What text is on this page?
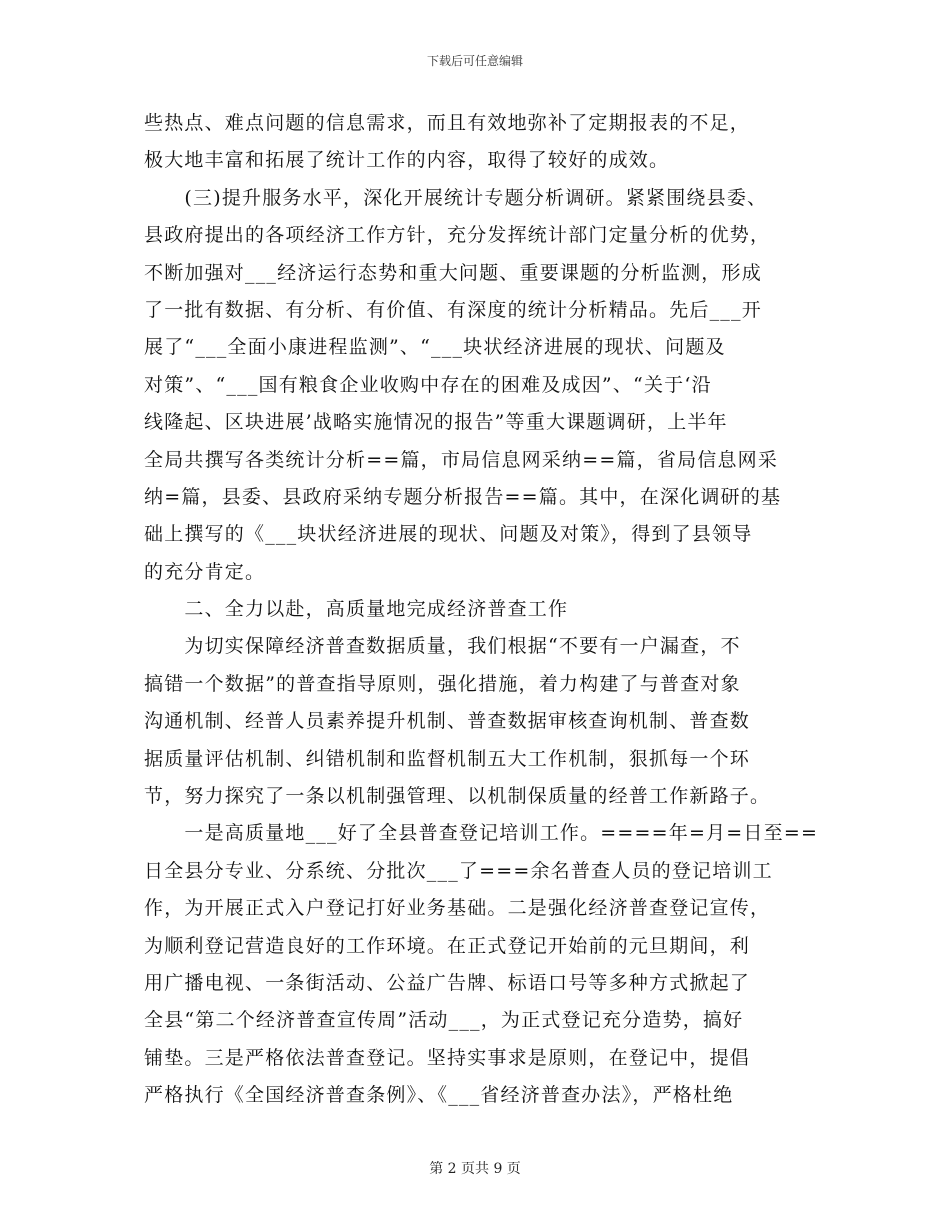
下载后可任意编辑
些热点、难点问题的信息需求，而且有效地弥补了定期报表的不足，
极大地丰富和拓展了统计工作的内容，取得了较好的成效。
　　(三)提升服务水平，深化开展统计专题分析调研。紧紧围绕县委、
县政府提出的各项经济工作方针，充分发挥统计部门定量分析的优势，
不断加强对___经济运行态势和重大问题、重要课题的分析监测，形成
了一批有数据、有分析、有价值、有深度的统计分析精品。先后___开
展了“___全面小康进程监测”、“___块状经济进展的现状、问题及
对策”、“___国有粮食企业收购中存在的困难及成因”、“关于‘沿
线隆起、区块进展’战略实施情况的报告”等重大课题调研，上半年
全局共撰写各类统计分析==篇，市局信息网采纳==篇，省局信息网采
纳=篇，县委、县政府采纳专题分析报告==篇。其中，在深化调研的基
础上撰写的《___块状经济进展的现状、问题及对策》，得到了县领导
的充分肯定。
　　二、全力以赴，高质量地完成经济普查工作
　　为切实保障经济普查数据质量，我们根据“不要有一户漏查，不
搞错一个数据”的普查指导原则，强化措施，着力构建了与普查对象
沟通机制、经普人员素养提升机制、普查数据审核查询机制、普查数
据质量评估机制、纠错机制和监督机制五大工作机制，狠抓每一个环
节，努力探究了一条以机制强管理、以机制保质量的经普工作新路子。
　　一是高质量地___好了全县普查登记培训工作。====年=月=日至==
日全县分专业、分系统、分批次___了===余名普查人员的登记培训工
作，为开展正式入户登记打好业务基础。二是强化经济普查登记宣传，
为顺利登记营造良好的工作环境。在正式登记开始前的元旦期间，利
用广播电视、一条街活动、公益广告牌、标语口号等多种方式掀起了
全县“第二个经济普查宣传周”活动___，为正式登记充分造势，搞好
铺垫。三是严格依法普查登记。坚持实事求是原则，在登记中，提倡
严格执行《全国经济普查条例》、《___省经济普查办法》，严格杜绝
第 2 页共 9 页
